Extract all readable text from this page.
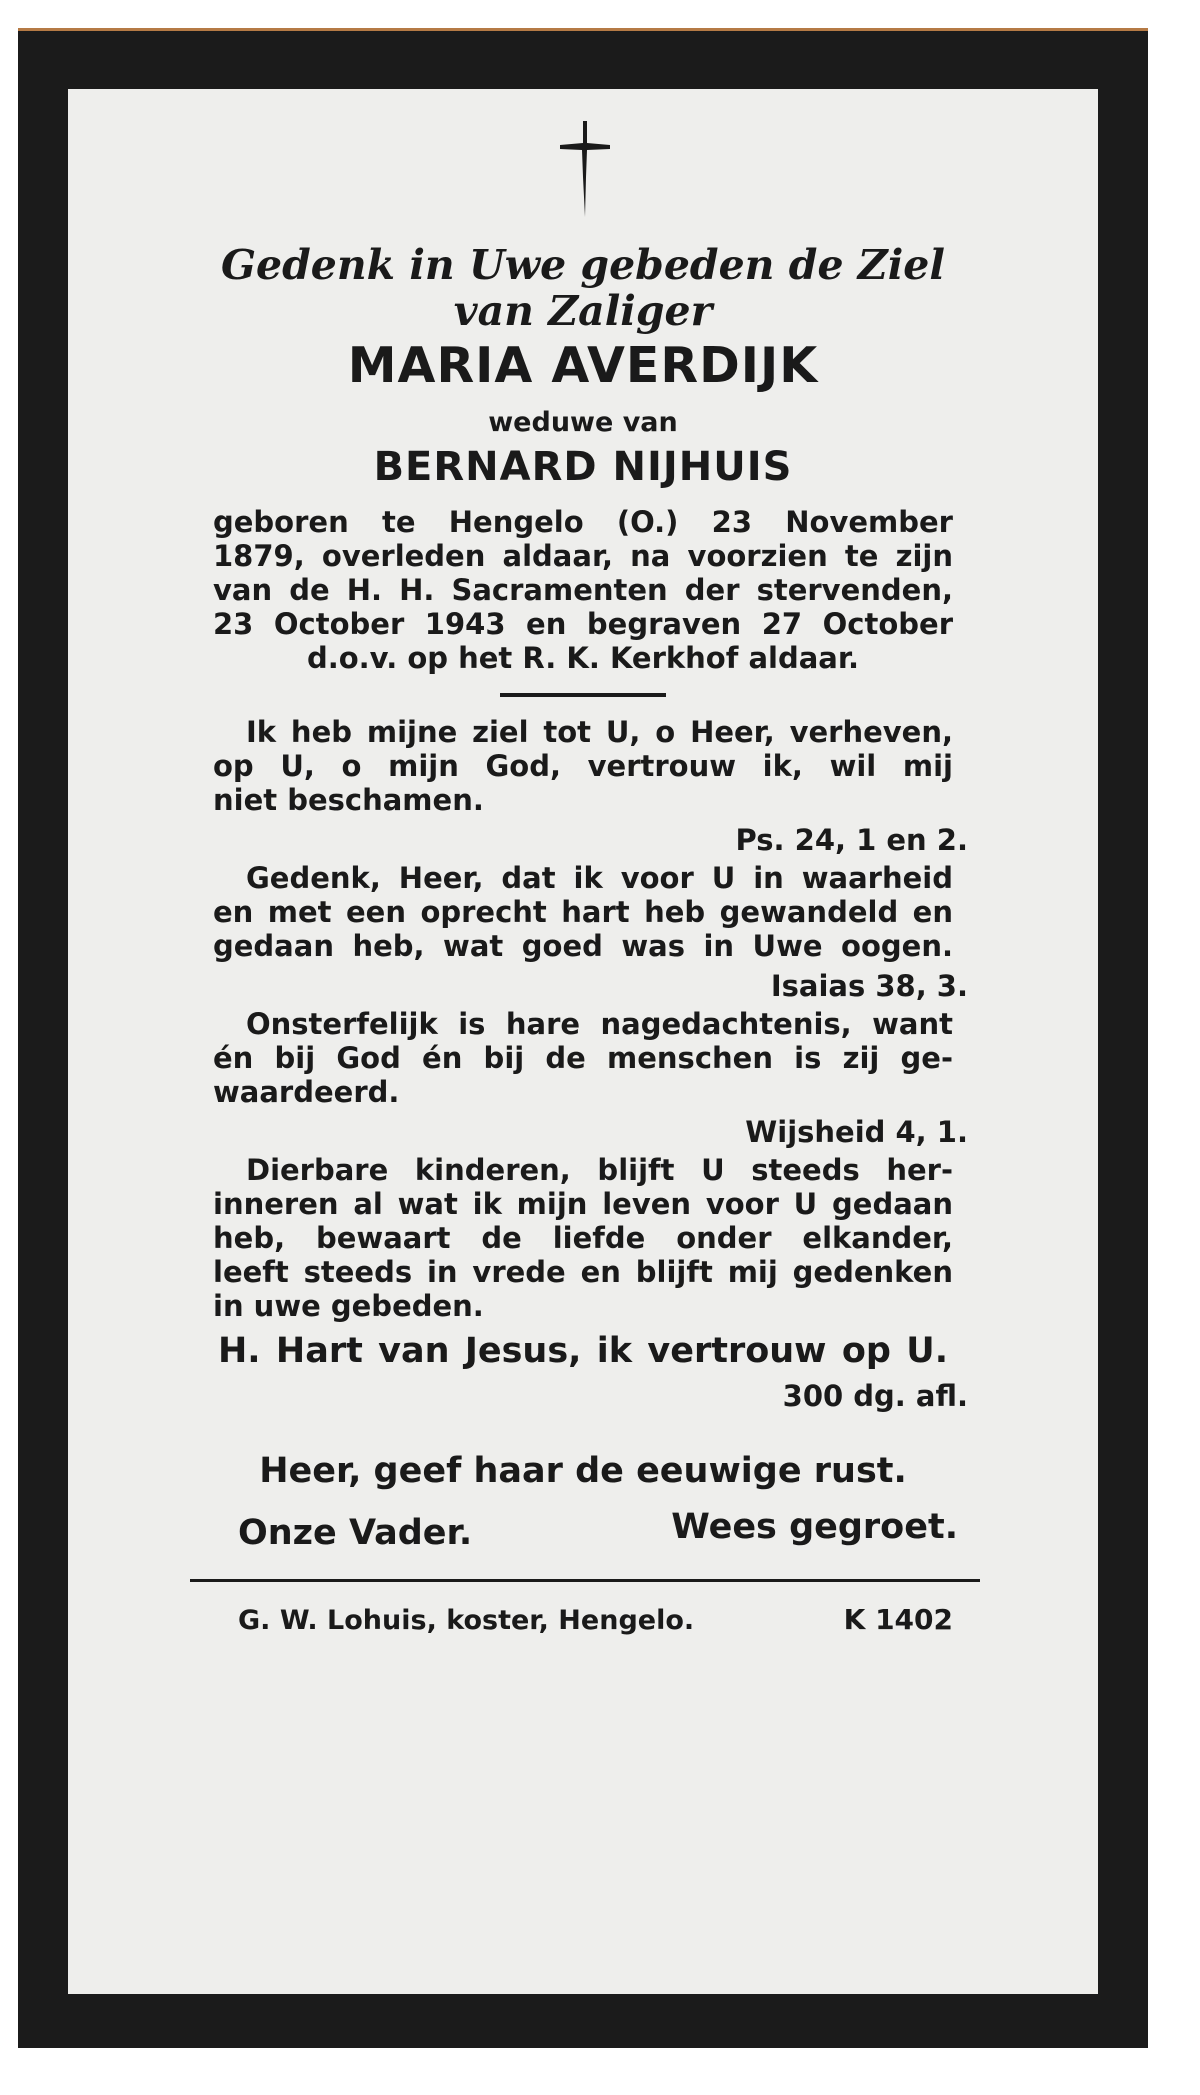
Gedenk in Uwe gebeden de Ziel

van Zaliger

MARIA AVERDIJK

weduwe van

BERNARD NIJHUIS

geboren te Hengelo (O.) 23 November

1879, overleden aldaar, na voorzien te zijn

van de H. H. Sacramenten der stervenden,

23 October 1943 en begraven 27 October

d.o.v. op het R. K. Kerkhof aldaar.

Ik heb mijne ziel tot U, o Heer, verheven,

op U, o mijn God, vertrouw ik, wil mij

niet beschamen.

Ps. 24, 1 en 2.

Gedenk, Heer, dat ik voor U in waarheid

en met een oprecht hart heb gewandeld en

gedaan heb, wat goed was in Uwe oogen.

Isaias 38, 3.

Onsterfelijk is hare nagedachtenis, want

én bij God én bij de menschen is zij ge-

waardeerd.

Wijsheid 4, 1.

Dierbare kinderen, blijft U steeds her-

inneren al wat ik mijn leven voor U gedaan

heb, bewaart de liefde onder elkander,

leeft steeds in vrede en blijft mij gedenken

in uwe gebeden.

H. Hart van Jesus, ik vertrouw op U.

300 dg. afl.

Heer, geef haar de eeuwige rust.

Onze Vader.	Wees gegroet.

G. W. Lohuis, koster, Hengelo.	K 1402
